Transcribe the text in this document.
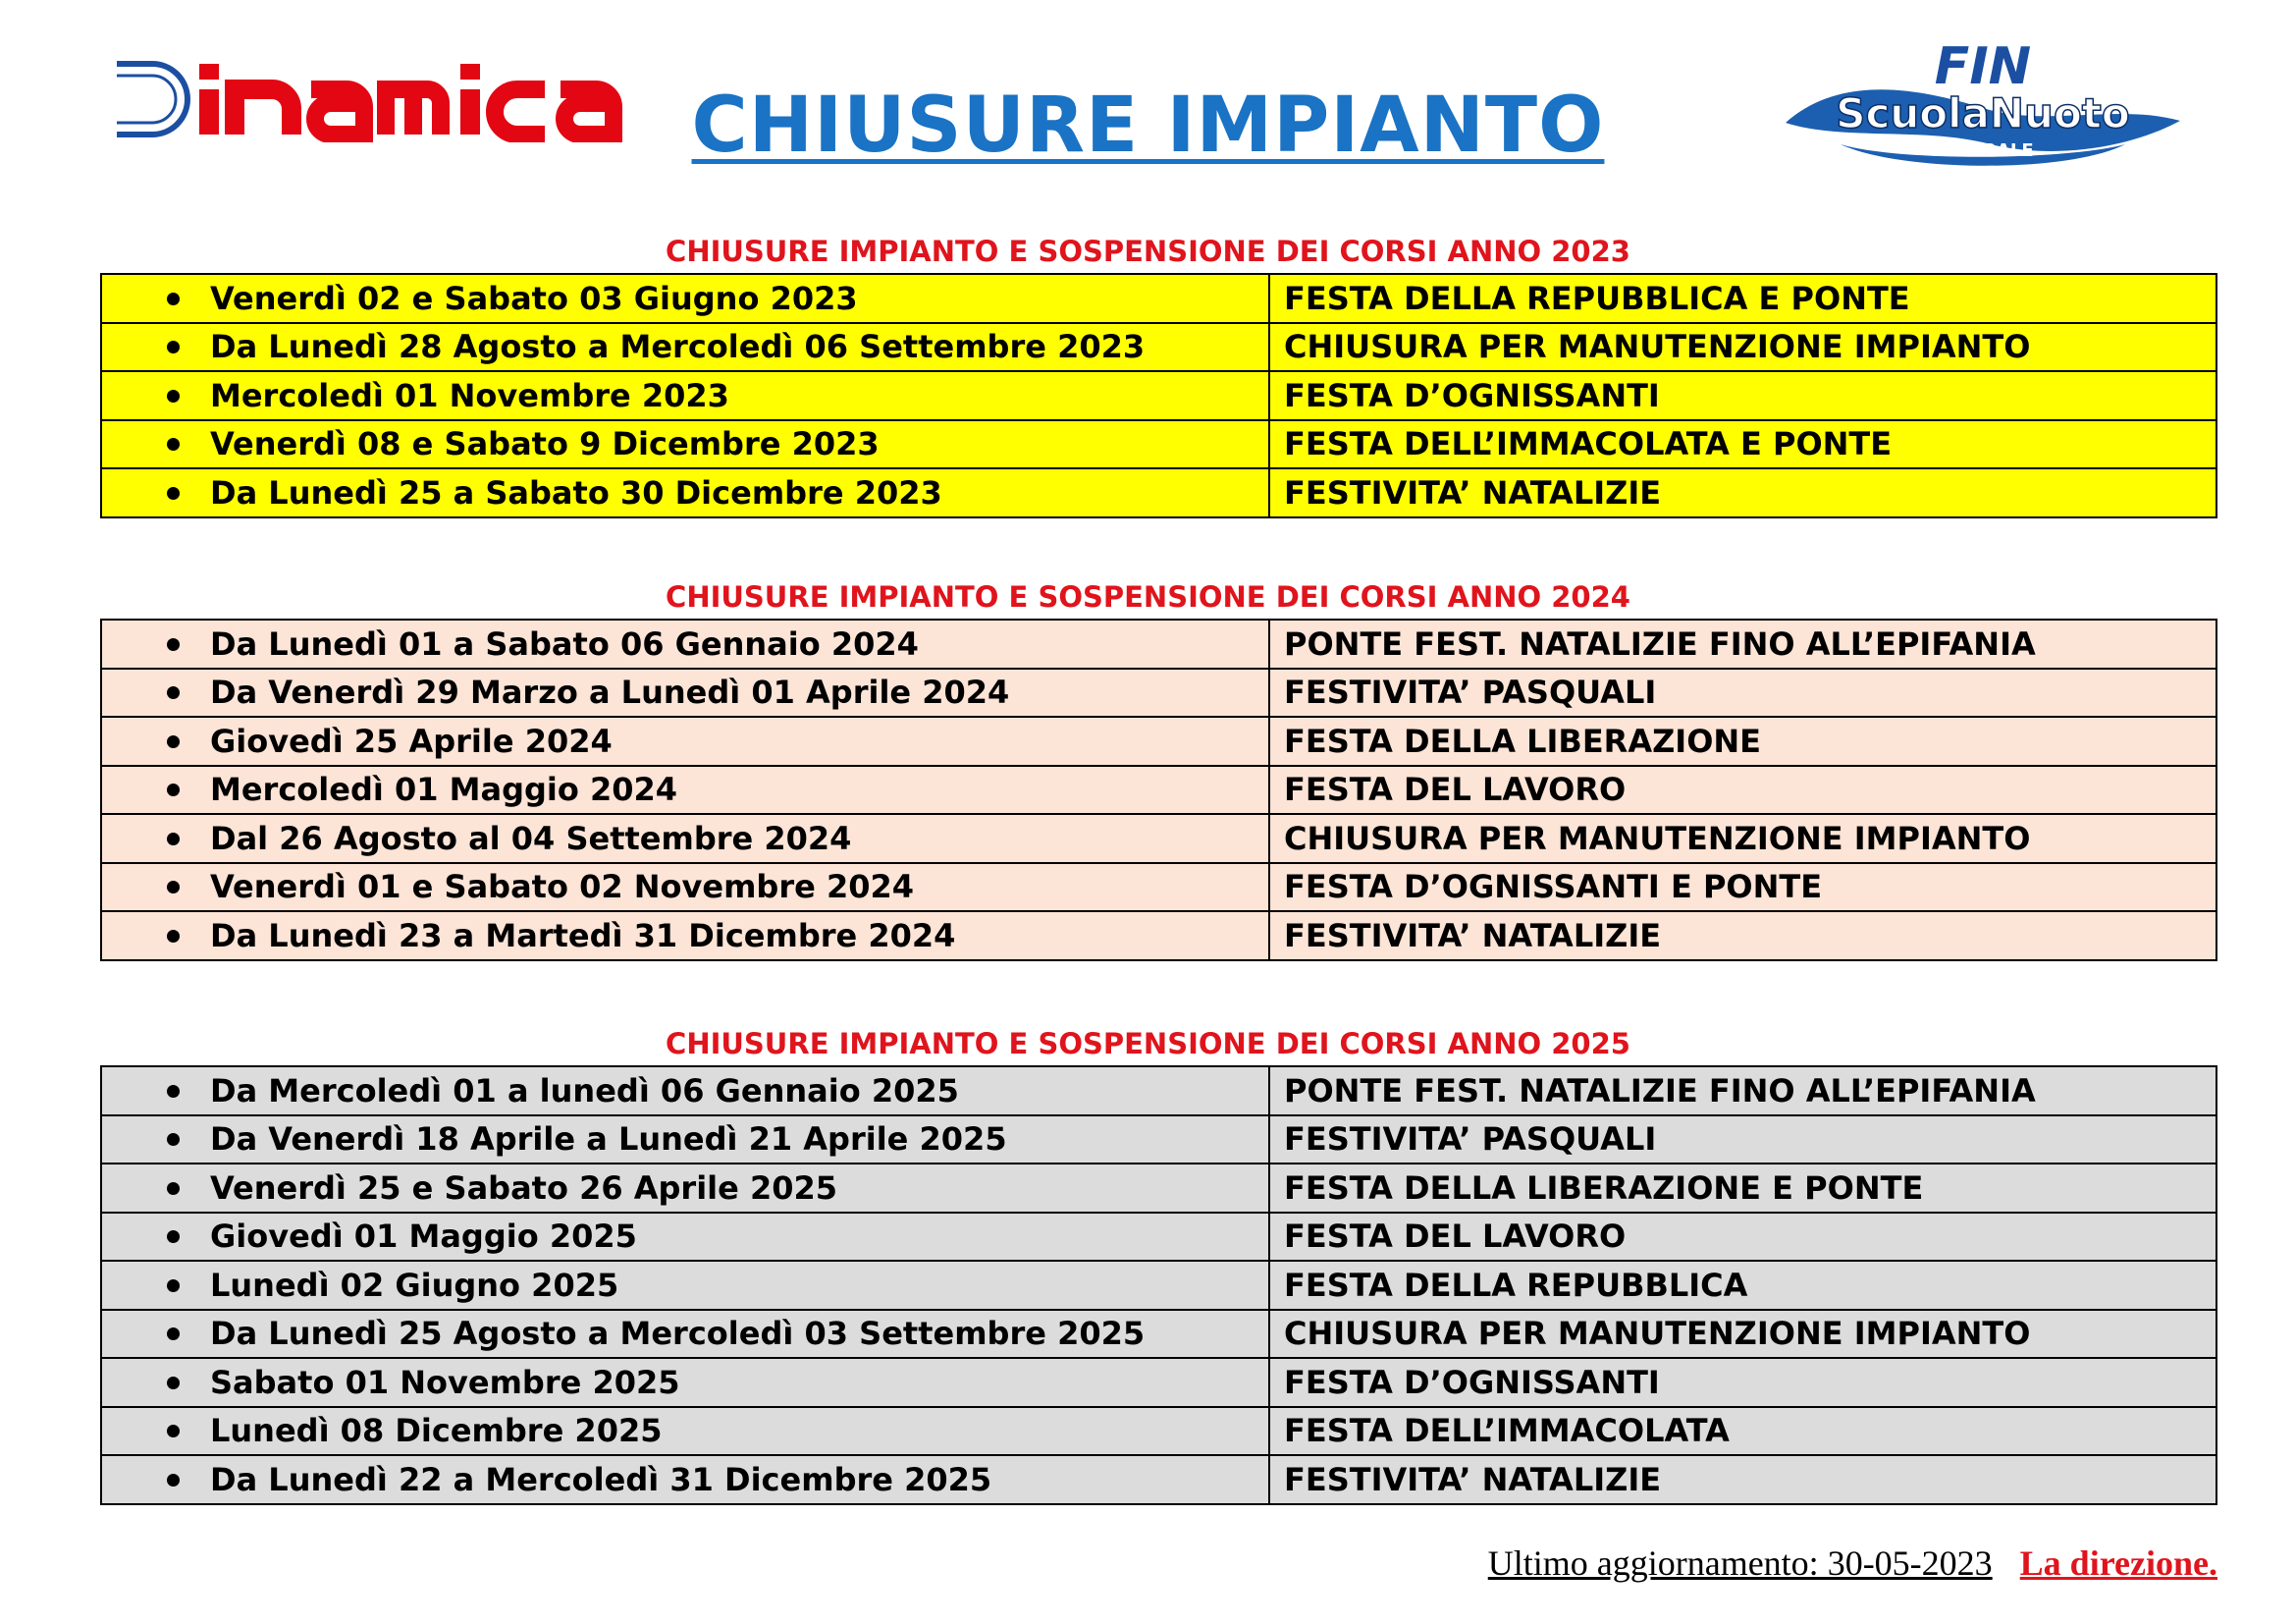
CHIUSURE IMPIANTO
FIN
ScuolaNuoto
FEDERALE
CHIUSURE IMPIANTO E SOSPENSIONE DEI CORSI ANNO 2023
Venerdì 02 e Sabato 03 Giugno 2023	FESTA DELLA REPUBBLICA E PONTE
Da Lunedì 28 Agosto a Mercoledì 06 Settembre 2023	CHIUSURA PER MANUTENZIONE IMPIANTO
Mercoledì 01 Novembre 2023	FESTA D’OGNISSANTI
Venerdì 08 e Sabato 9 Dicembre 2023	FESTA DELL’IMMACOLATA E PONTE
Da Lunedì 25 a Sabato 30 Dicembre 2023	FESTIVITA’ NATALIZIE
CHIUSURE IMPIANTO E SOSPENSIONE DEI CORSI ANNO 2024
Da Lunedì 01 a Sabato 06 Gennaio 2024	PONTE FEST. NATALIZIE FINO ALL’EPIFANIA
Da Venerdì 29 Marzo a Lunedì 01 Aprile 2024	FESTIVITA’ PASQUALI
Giovedì 25 Aprile 2024	FESTA DELLA LIBERAZIONE
Mercoledì 01 Maggio 2024	FESTA DEL LAVORO
Dal 26 Agosto al 04 Settembre 2024	CHIUSURA PER MANUTENZIONE IMPIANTO
Venerdì 01 e Sabato 02 Novembre 2024	FESTA D’OGNISSANTI E PONTE
Da Lunedì 23 a Martedì 31 Dicembre 2024	FESTIVITA’ NATALIZIE
CHIUSURE IMPIANTO E SOSPENSIONE DEI CORSI ANNO 2025
Da Mercoledì 01 a lunedì 06 Gennaio 2025	PONTE FEST. NATALIZIE FINO ALL’EPIFANIA
Da Venerdì 18 Aprile a Lunedì 21 Aprile 2025	FESTIVITA’ PASQUALI
Venerdì 25 e Sabato 26 Aprile 2025	FESTA DELLA LIBERAZIONE E PONTE
Giovedì 01 Maggio 2025	FESTA DEL LAVORO
Lunedì 02 Giugno 2025	FESTA DELLA REPUBBLICA
Da Lunedì 25 Agosto a Mercoledì 03 Settembre 2025	CHIUSURA PER MANUTENZIONE IMPIANTO
Sabato 01 Novembre 2025	FESTA D’OGNISSANTI
Lunedì 08 Dicembre 2025	FESTA DELL’IMMACOLATA
Da Lunedì 22 a Mercoledì 31 Dicembre 2025	FESTIVITA’ NATALIZIE
Ultimo aggiornamento: 30-05-2023 La direzione.
